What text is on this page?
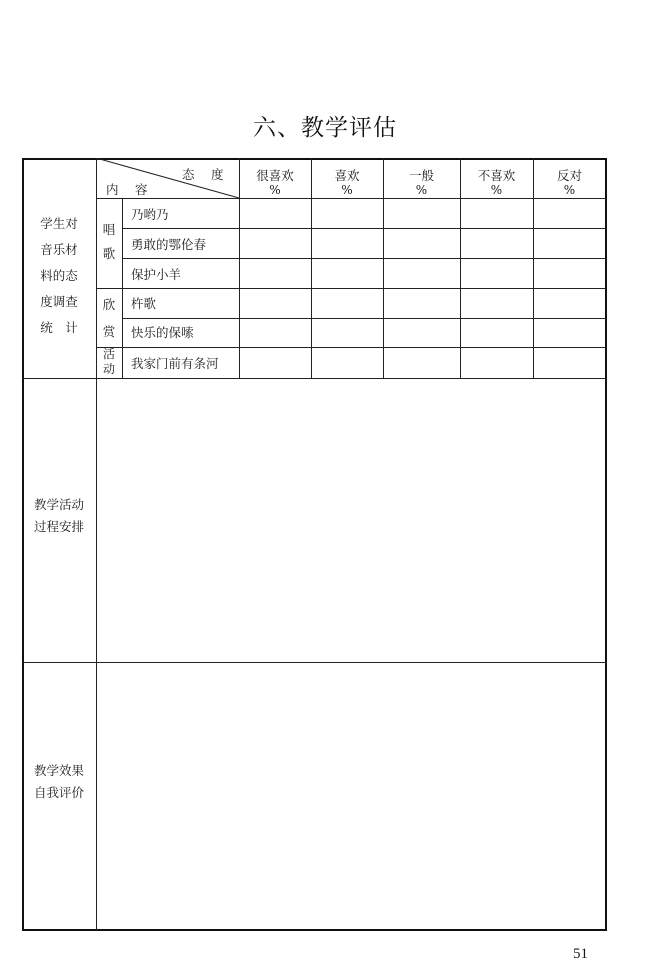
六、教学评估
态　度
内　容
很喜欢
%
喜欢
%
一般
%
不喜欢
%
反对
%
学生对
音乐材
料的态
度调查
统　计
唱
歌
欣
赏
活
动
乃哟乃
勇敢的鄂伦春
保护小羊
杵歌
快乐的保嗦
我家门前有条河
教学活动
过程安排
教学效果
自我评价
51
